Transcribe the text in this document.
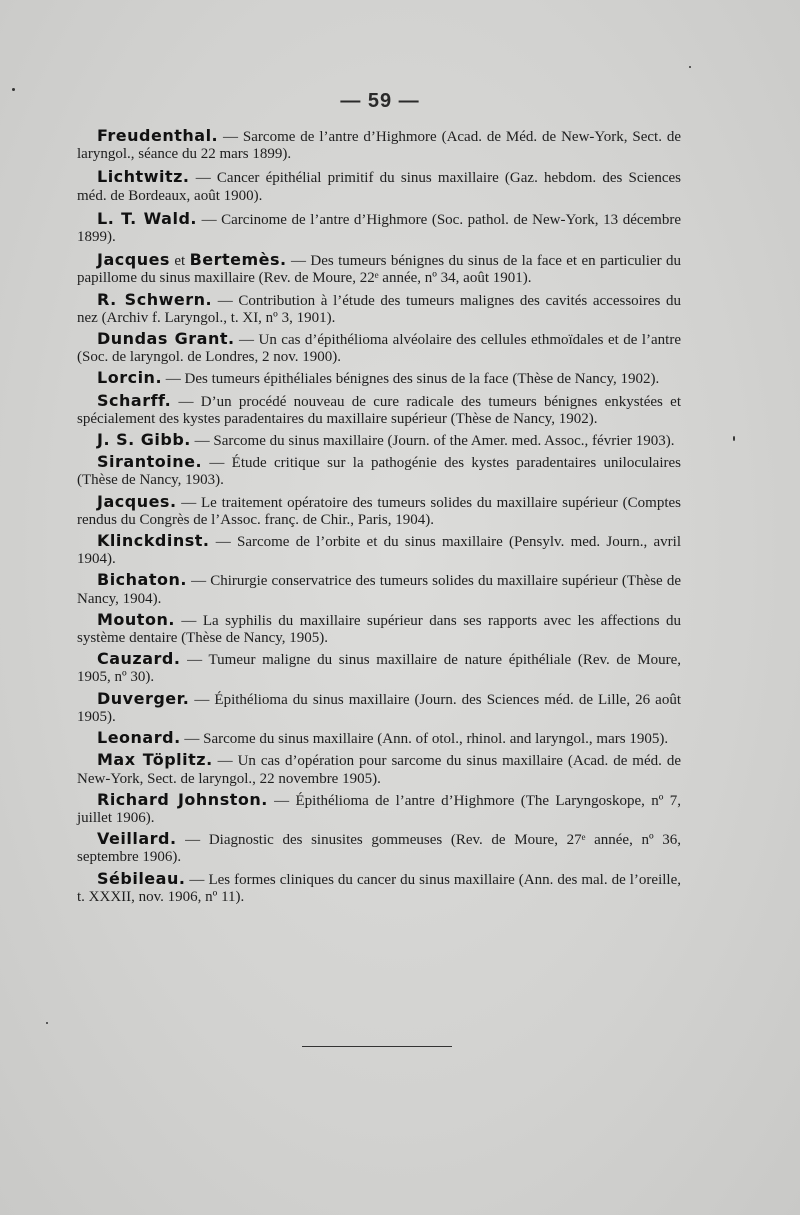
— 59 —
Freudenthal. — Sarcome de l’antre d’Highmore (Acad. de Méd. de New-York, Sect. de laryngol., séance du 22 mars 1899).
Lichtwitz. — Cancer épithélial primitif du sinus maxillaire (Gaz. hebdom. des Sciences méd. de Bordeaux, août 1900).
L. T. Wald. — Carcinome de l’antre d’Highmore (Soc. pathol. de New-York, 13 décembre 1899).
Jacques et Bertemès. — Des tumeurs bénignes du sinus de la face et en particulier du papillome du sinus maxillaire (Rev. de Moure, 22ᵉ année, nº 34, août 1901).
R. Schwern. — Contribution à l’étude des tumeurs malignes des cavités accessoires du nez (Archiv f. Laryngol., t. XI, nº 3, 1901).
Dundas Grant. — Un cas d’épithélioma alvéolaire des cellules ethmoïdales et de l’antre (Soc. de laryngol. de Londres, 2 nov. 1900).
Lorcin. — Des tumeurs épithéliales bénignes des sinus de la face (Thèse de Nancy, 1902).
Scharff. — D’un procédé nouveau de cure radicale des tumeurs bénignes enkystées et spécialement des kystes paradentaires du maxillaire supérieur (Thèse de Nancy, 1902).
J. S. Gibb. — Sarcome du sinus maxillaire (Journ. of the Amer. med. Assoc., février 1903).
Sirantoine. — Étude critique sur la pathogénie des kystes paradentaires uniloculaires (Thèse de Nancy, 1903).
Jacques. — Le traitement opératoire des tumeurs solides du maxillaire supérieur (Comptes rendus du Congrès de l’Assoc. franç. de Chir., Paris, 1904).
Klinckdinst. — Sarcome de l’orbite et du sinus maxillaire (Pensylv. med. Journ., avril 1904).
Bichaton. — Chirurgie conservatrice des tumeurs solides du maxillaire supérieur (Thèse de Nancy, 1904).
Mouton. — La syphilis du maxillaire supérieur dans ses rapports avec les affections du système dentaire (Thèse de Nancy, 1905).
Cauzard. — Tumeur maligne du sinus maxillaire de nature épithéliale (Rev. de Moure, 1905, nº 30).
Duverger. — Épithélioma du sinus maxillaire (Journ. des Sciences méd. de Lille, 26 août 1905).
Leonard. — Sarcome du sinus maxillaire (Ann. of otol., rhinol. and laryngol., mars 1905).
Max Töplitz. — Un cas d’opération pour sarcome du sinus maxillaire (Acad. de méd. de New-York, Sect. de laryngol., 22 novembre 1905).
Richard Johnston. — Épithélioma de l’antre d’Highmore (The Laryngoskope, nº 7, juillet 1906).
Veillard. — Diagnostic des sinusites gommeuses (Rev. de Moure, 27ᵉ année, nº 36, septembre 1906).
Sébileau. — Les formes cliniques du cancer du sinus maxillaire (Ann. des mal. de l’oreille, t. XXXII, nov. 1906, nº 11).
